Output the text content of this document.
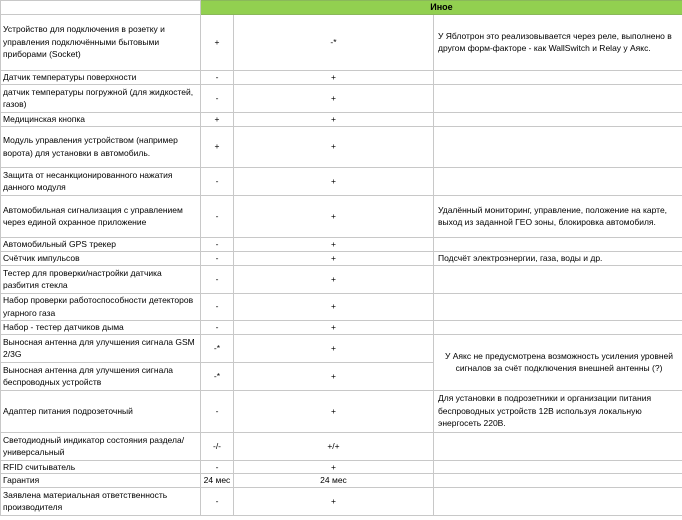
	Иное		
Устройство для подключения в розетку и управления подключёнными бытовыми приборами (Socket)	+	-*	У Яблотрон это реализовывается через реле, выполнено в другом форм-факторе - как WallSwitch и Relay у Аякс.
Датчик температуры поверхности	-	+	
датчик температуры погружной (для жидкостей, газов)	-	+	
Медицинская кнопка	+	+	
Модуль управления устройством (например ворота) для установки в автомобиль.	+	+	
Защита от несанкционированного нажатия данного модуля	-	+	
Автомобильная сигнализация с управлением через единой охранное приложение	-	+	Удалённый мониторинг, управление, положение на карте, выход из заданной ГЕО зоны, блокировка автомобиля.
Автомобильный GPS трекер	-	+	
Счётчик импульсов	-	+	Подсчёт электроэнергии, газа, воды и др.
Тестер для проверки/настройки датчика разбития стекла	-	+	
Набор проверки работоспособности детекторов угарного газа	-	+	
Набор - тестер датчиков дыма	-	+	
Выносная антенна для улучшения сигнала GSM 2/3G	-*	+	У Аякс не предусмотрена возможность усиления уровней сигналов за счёт подключения внешней антенны (?)
Выносная антенна для улучшения сигнала беспроводных устройств	-*	+	
Адаптер питания подрозеточный	-	+	Для установки в подрозетники и организации питания беспроводных устройств 12В используя локальную энергосеть 220В.
Светодиодный индикатор состояния раздела/универсальный	-/-	+/+	
RFID считыватель	-	+	
Гарантия	24 мес	24 мес	
Заявлена материальная ответственность производителя	-	+	
